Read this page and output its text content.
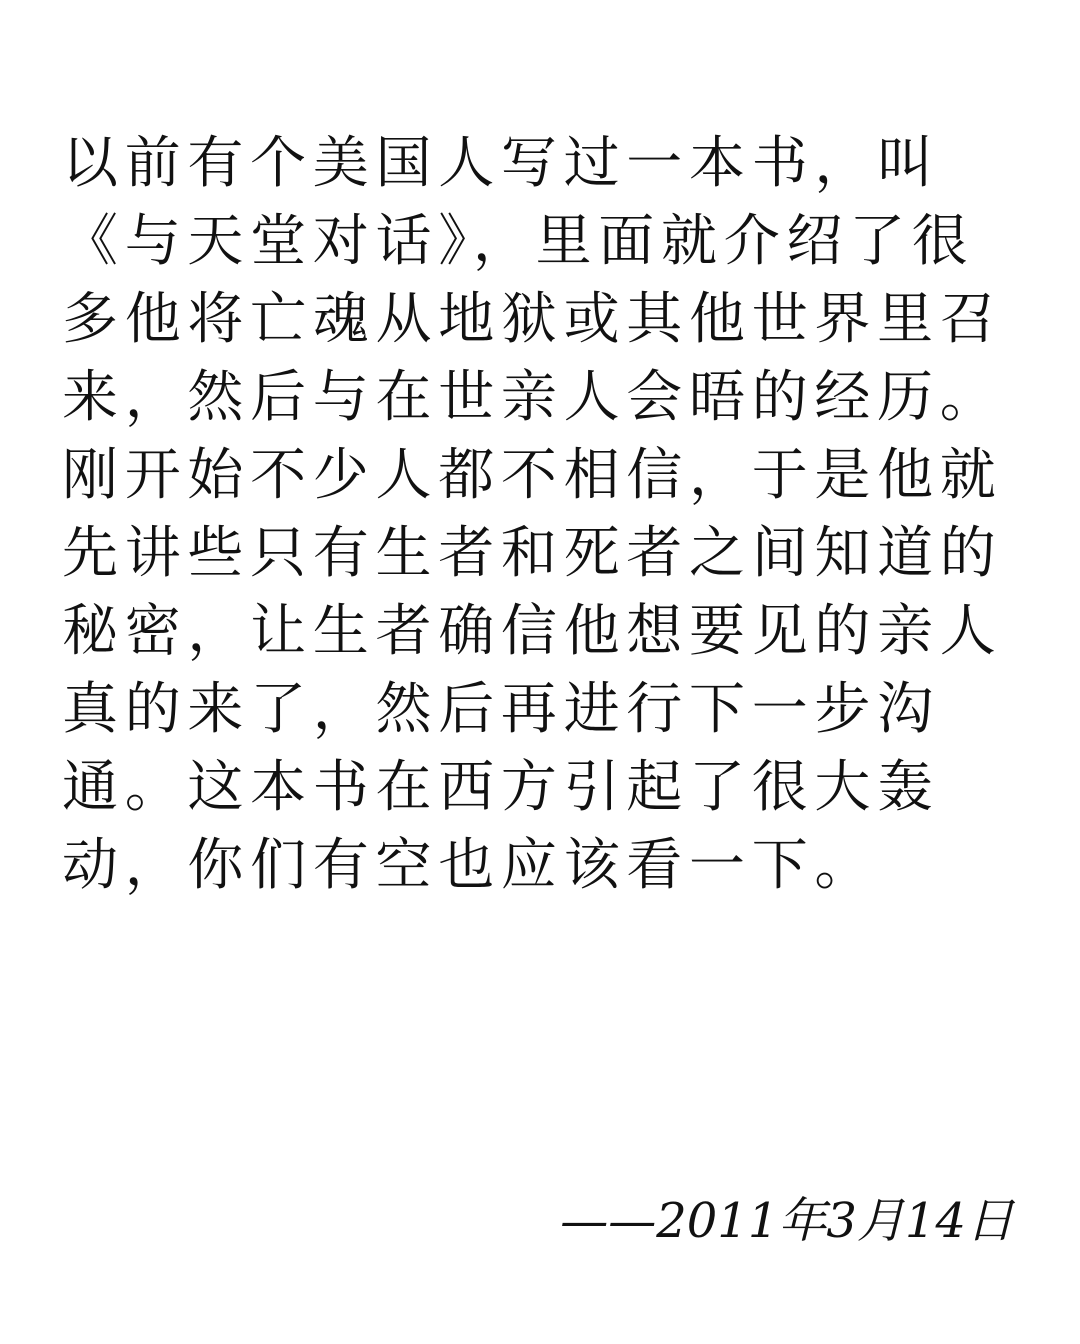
以前有个美国人写过一本书，叫
《与天堂对话》，里面就介绍了很
多他将亡魂从地狱或其他世界里召
来，然后与在世亲人会晤的经历。
刚开始不少人都不相信，于是他就
先讲些只有生者和死者之间知道的
秘密，让生者确信他想要见的亲人
真的来了，然后再进行下一步沟
通。这本书在西方引起了很大轰
动，你们有空也应该看一下。
——2011年3月14日
